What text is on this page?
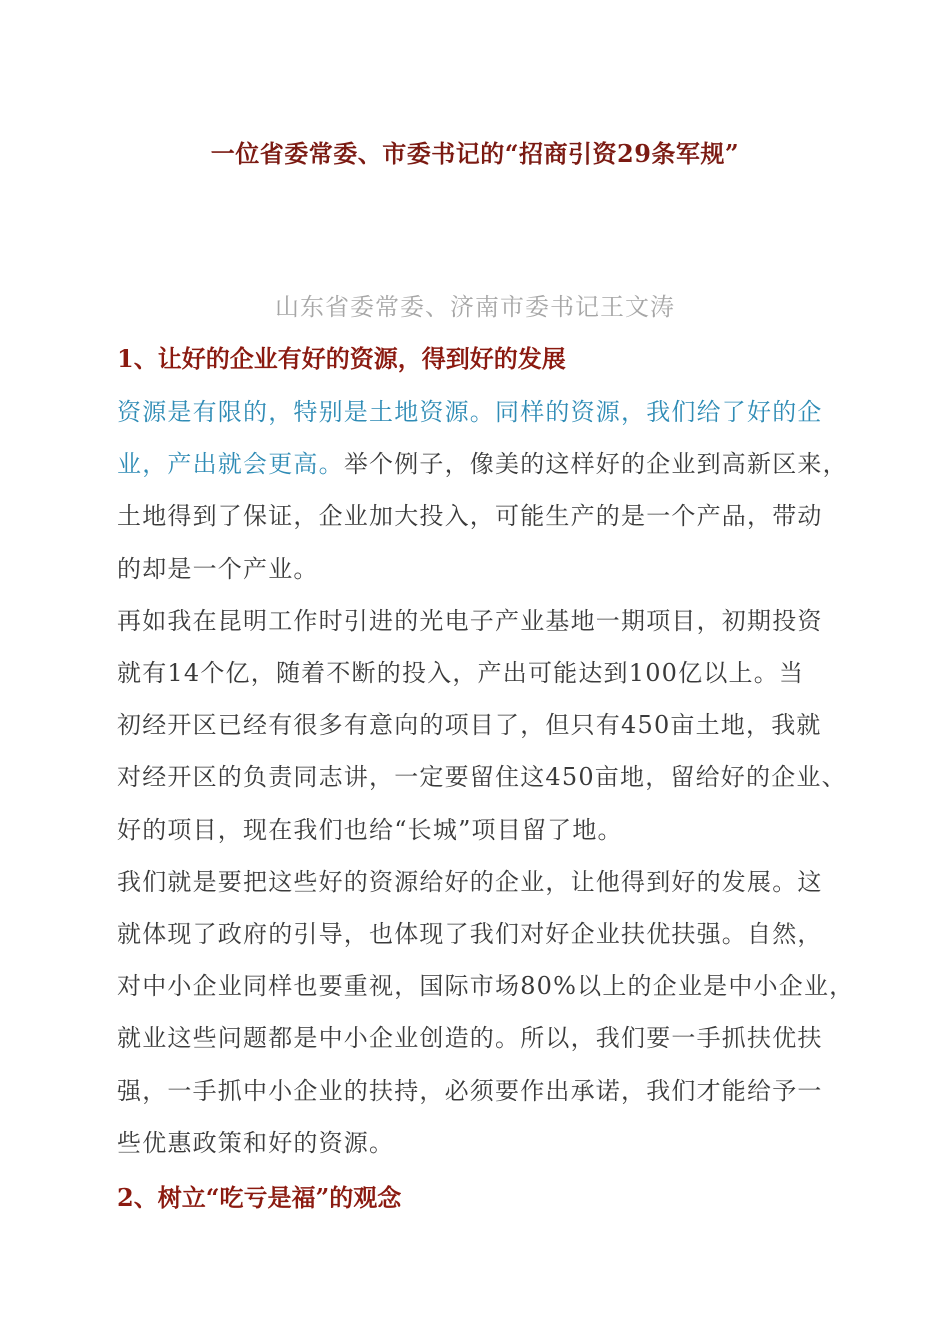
一位省委常委、市委书记的“招商引资29条军规”
山东省委常委、济南市委书记王文涛
1、让好的企业有好的资源，得到好的发展
资源是有限的，特别是土地资源。同样的资源，我们给了好的企
业，产出就会更高。举个例子，像美的这样好的企业到高新区来，
土地得到了保证，企业加大投入，可能生产的是一个产品，带动
的却是一个产业。
再如我在昆明工作时引进的光电子产业基地一期项目，初期投资
就有14个亿，随着不断的投入，产出可能达到100亿以上。当
初经开区已经有很多有意向的项目了，但只有450亩土地，我就
对经开区的负责同志讲，一定要留住这450亩地，留给好的企业、
好的项目，现在我们也给“长城”项目留了地。
我们就是要把这些好的资源给好的企业，让他得到好的发展。这
就体现了政府的引导，也体现了我们对好企业扶优扶强。自然，
对中小企业同样也要重视，国际市场80%以上的企业是中小企业，
就业这些问题都是中小企业创造的。所以，我们要一手抓扶优扶
强，一手抓中小企业的扶持，必须要作出承诺，我们才能给予一
些优惠政策和好的资源。
2、树立“吃亏是福”的观念
